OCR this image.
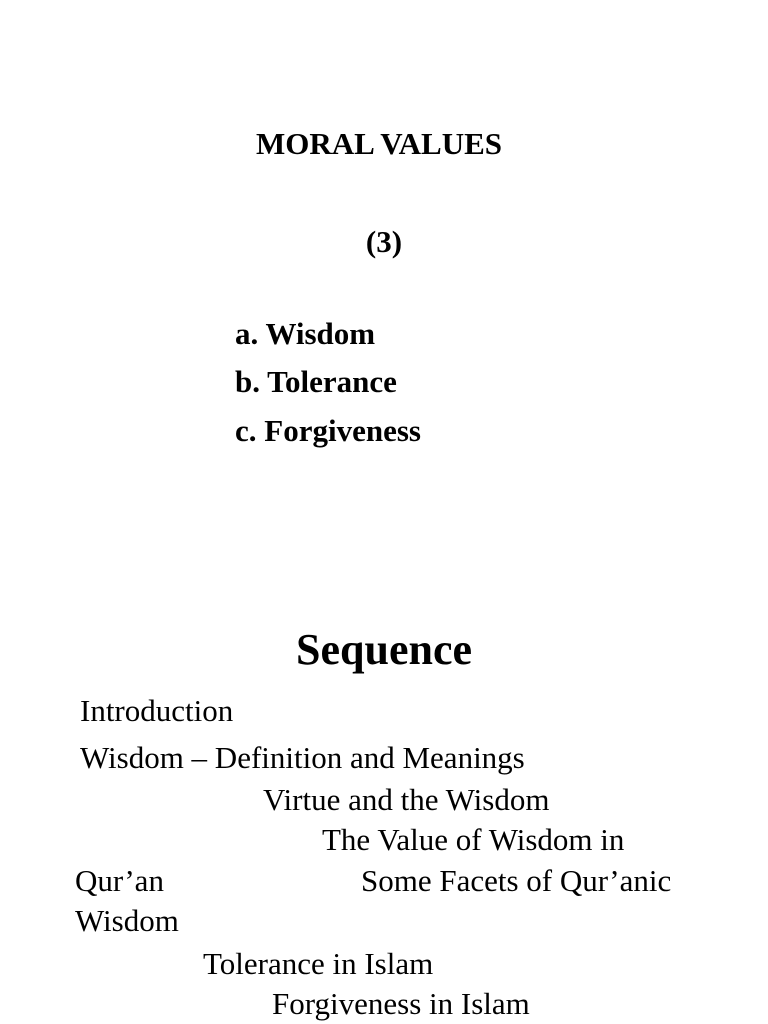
MORAL VALUES
(3)
a. Wisdom
b. Tolerance
c. Forgiveness
Sequence
Introduction
Wisdom – Definition and Meanings
Virtue and the Wisdom
The Value of Wisdom in
Qur’an	Some Facets of Qur’anic
Wisdom
Tolerance in Islam
Forgiveness in Islam
